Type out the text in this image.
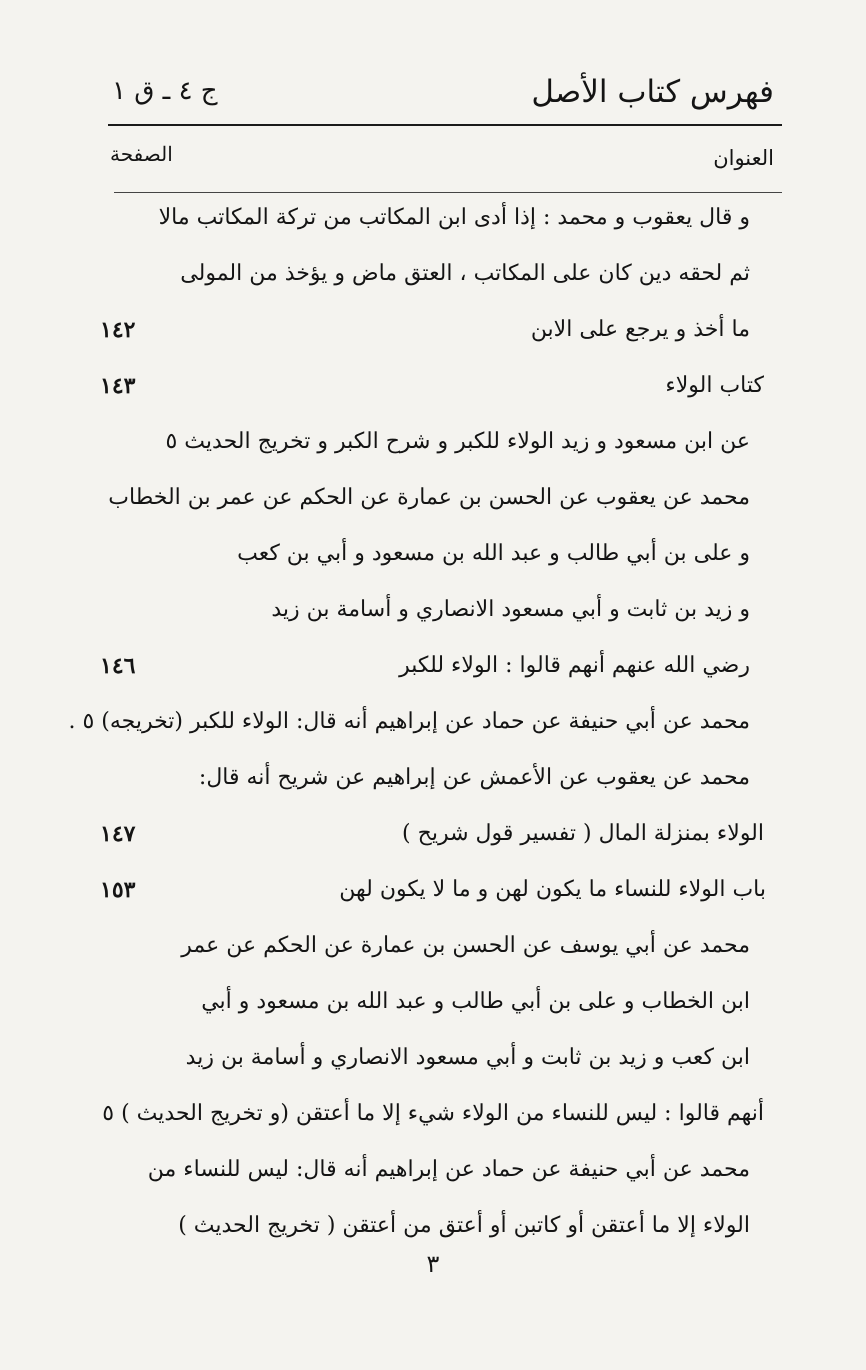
فهرس كتاب الأصل
ج ٤ ـ ق ١
العنوان
الصفحة
و قال يعقوب و محمد : إذا أدى ابن المكاتب من تركة المكاتب مالا
ثم لحقه دين كان على المكاتب ، العتق ماض و يؤخذ من المولى
ما أخذ و يرجع على الابن
١٤٢
كتاب الولاء
١٤٣
عن ابن مسعود و زيد الولاء للكبر و شرح الكبر و تخريج الحديث ٥
محمد عن يعقوب عن الحسن بن عمارة عن الحكم عن عمر بن الخطاب
و على بن أبي طالب و عبد الله بن مسعود و أبي بن كعب
و زيد بن ثابت و أبي مسعود الانصاري و أسامة بن زيد
رضي الله عنهم أنهم قالوا : الولاء للكبر
١٤٦
محمد عن أبي حنيفة عن حماد عن إبراهيم أنه قال: الولاء للكبر (تخريجه) ٥ .
محمد عن يعقوب عن الأعمش عن إبراهيم عن شريح أنه قال:
الولاء بمنزلة المال ( تفسير قول شريح )
١٤٧
باب الولاء للنساء ما يكون لهن و ما لا يكون لهن
١٥٣
محمد عن أبي يوسف عن الحسن بن عمارة عن الحكم عن عمر
ابن الخطاب و على بن أبي طالب و عبد الله بن مسعود و أبي
ابن كعب و زيد بن ثابت و أبي مسعود الانصاري و أسامة بن زيد
أنهم قالوا : ليس للنساء من الولاء شيء إلا ما أعتقن (و تخريج الحديث ) ٥
محمد عن أبي حنيفة عن حماد عن إبراهيم أنه قال: ليس للنساء من
الولاء إلا ما أعتقن أو كاتبن أو أعتق من أعتقن ( تخريج الحديث )
٣
